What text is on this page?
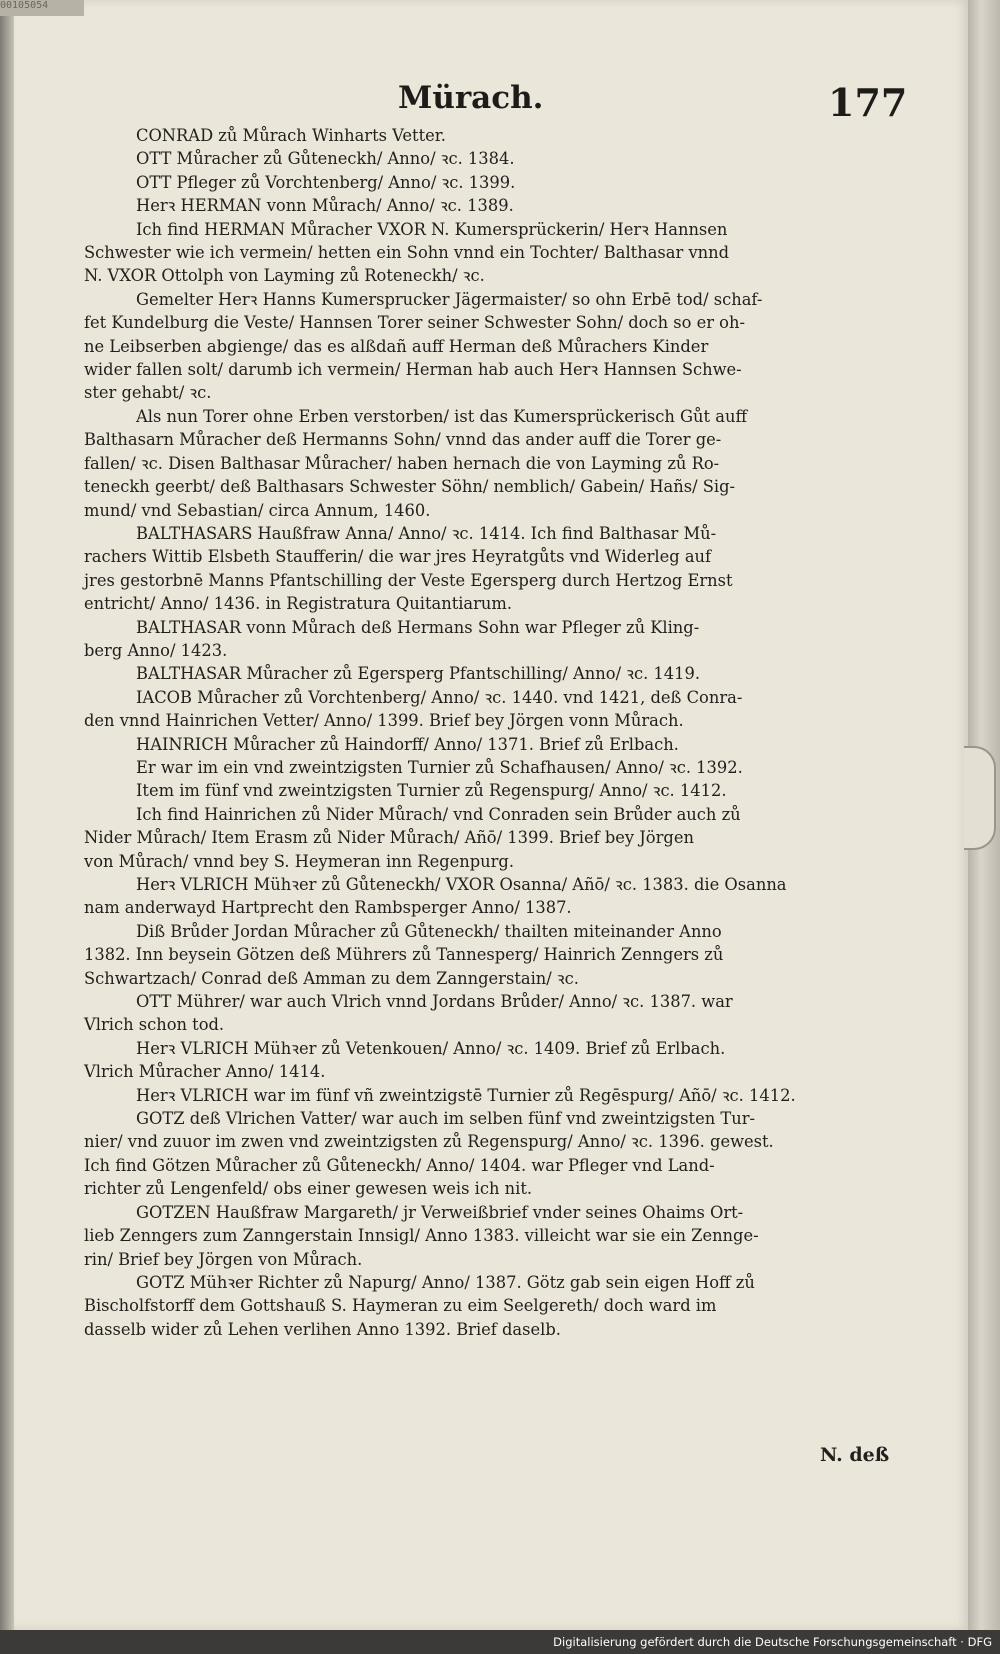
00105054
Mürach.	177
CONRAD zů Můrach Winharts Vetter.
OTT Můracher zů Gůteneckh/ Anno/ ꝛc. 1384.
OTT Pfleger zů Vorchtenberg/ Anno/ ꝛc. 1399.
Herꝛ HERMAN vonn Můrach/ Anno/ ꝛc. 1389.
Ich find HERMAN Můracher VXOR N. Kumersprückerin/ Herꝛ Hannsen
Schwester wie ich vermein/ hetten ein Sohn vnnd ein Tochter/ Balthasar vnnd
N. VXOR Ottolph von Layming zů Roteneckh/ ꝛc.
Gemelter Herꝛ Hanns Kumersprucker Jägermaister/ so ohn Erbē tod/ schaf-
fet Kundelburg die Veste/ Hannsen Torer seiner Schwester Sohn/ doch so er oh-
ne Leibserben abgienge/ das es alßdañ auff Herman deß Můrachers Kinder
wider fallen solt/ darumb ich vermein/ Herman hab auch Herꝛ Hannsen Schwe-
ster gehabt/ ꝛc.
Als nun Torer ohne Erben verstorben/ ist das Kumersprückerisch Gůt auff
Balthasarn Můracher deß Hermanns Sohn/ vnnd das ander auff die Torer ge-
fallen/ ꝛc. Disen Balthasar Můracher/ haben hernach die von Layming zů Ro-
teneckh geerbt/ deß Balthasars Schwester Söhn/ nemblich/ Gabein/ Hañs/ Sig-
mund/ vnd Sebastian/ circa Annum, 1460.
BALTHASARS Haußfraw Anna/ Anno/ ꝛc. 1414. Ich find Balthasar Mů-
rachers Wittib Elsbeth Staufferin/ die war jres Heyratgůts vnd Widerleg auf
jres gestorbnē Manns Pfantschilling der Veste Egersperg durch Hertzog Ernst
entricht/ Anno/ 1436. in Registratura Quitantiarum.
BALTHASAR vonn Můrach deß Hermans Sohn war Pfleger zů Kling-
berg Anno/ 1423.
BALTHASAR Můracher zů Egersperg Pfantschilling/ Anno/ ꝛc. 1419.
IACOB Můracher zů Vorchtenberg/ Anno/ ꝛc. 1440. vnd 1421, deß Conra-
den vnnd Hainrichen Vetter/ Anno/ 1399. Brief bey Jörgen vonn Můrach.
HAINRICH Můracher zů Haindorff/ Anno/ 1371. Brief zů Erlbach.
Er war im ein vnd zweintzigsten Turnier zů Schafhausen/ Anno/ ꝛc. 1392.
Item im fünf vnd zweintzigsten Turnier zů Regenspurg/ Anno/ ꝛc. 1412.
Ich find Hainrichen zů Nider Můrach/ vnd Conraden sein Brůder auch zů
Nider Můrach/ Item Erasm zů Nider Můrach/ Añō/ 1399. Brief bey Jörgen
von Můrach/ vnnd bey S. Heymeran inn Regenpurg.
Herꝛ VLRICH Mühꝛer zů Gůteneckh/ VXOR Osanna/ Añō/ ꝛc. 1383. die Osanna
nam anderwayd Hartprecht den Rambsperger Anno/ 1387.
Diß Brůder Jordan Můracher zů Gůteneckh/ thailten miteinander Anno
1382. Inn beysein Götzen deß Mührers zů Tannesperg/ Hainrich Zenngers zů
Schwartzach/ Conrad deß Amman zu dem Zanngerstain/ ꝛc.
OTT Mührer/ war auch Vlrich vnnd Jordans Brůder/ Anno/ ꝛc. 1387. war
Vlrich schon tod.
Herꝛ VLRICH Mühꝛer zů Vetenkouen/ Anno/ ꝛc. 1409. Brief zů Erlbach.
Vlrich Můracher Anno/ 1414.
Herꝛ VLRICH war im fünf vñ zweintzigstē Turnier zů Regēspurg/ Añō/ ꝛc. 1412.
GOTZ deß Vlrichen Vatter/ war auch im selben fünf vnd zweintzigsten Tur-
nier/ vnd zuuor im zwen vnd zweintzigsten zů Regenspurg/ Anno/ ꝛc. 1396. gewest.
Ich find Götzen Můracher zů Gůteneckh/ Anno/ 1404. war Pfleger vnd Land-
richter zů Lengenfeld/ obs einer gewesen weis ich nit.
GOTZEN Haußfraw Margareth/ jr Verweißbrief vnder seines Ohaims Ort-
lieb Zenngers zum Zanngerstain Innsigl/ Anno 1383. villeicht war sie ein Zennge-
rin/ Brief bey Jörgen von Můrach.
GOTZ Mühꝛer Richter zů Napurg/ Anno/ 1387. Götz gab sein eigen Hoff zů
Bischolfstorff dem Gottshauß S. Haymeran zu eim Seelgereth/ doch ward im
dasselb wider zů Lehen verlihen Anno 1392. Brief daselb.
N. deß
Digitalisierung gefördert durch die Deutsche Forschungsgemeinschaft · DFG
